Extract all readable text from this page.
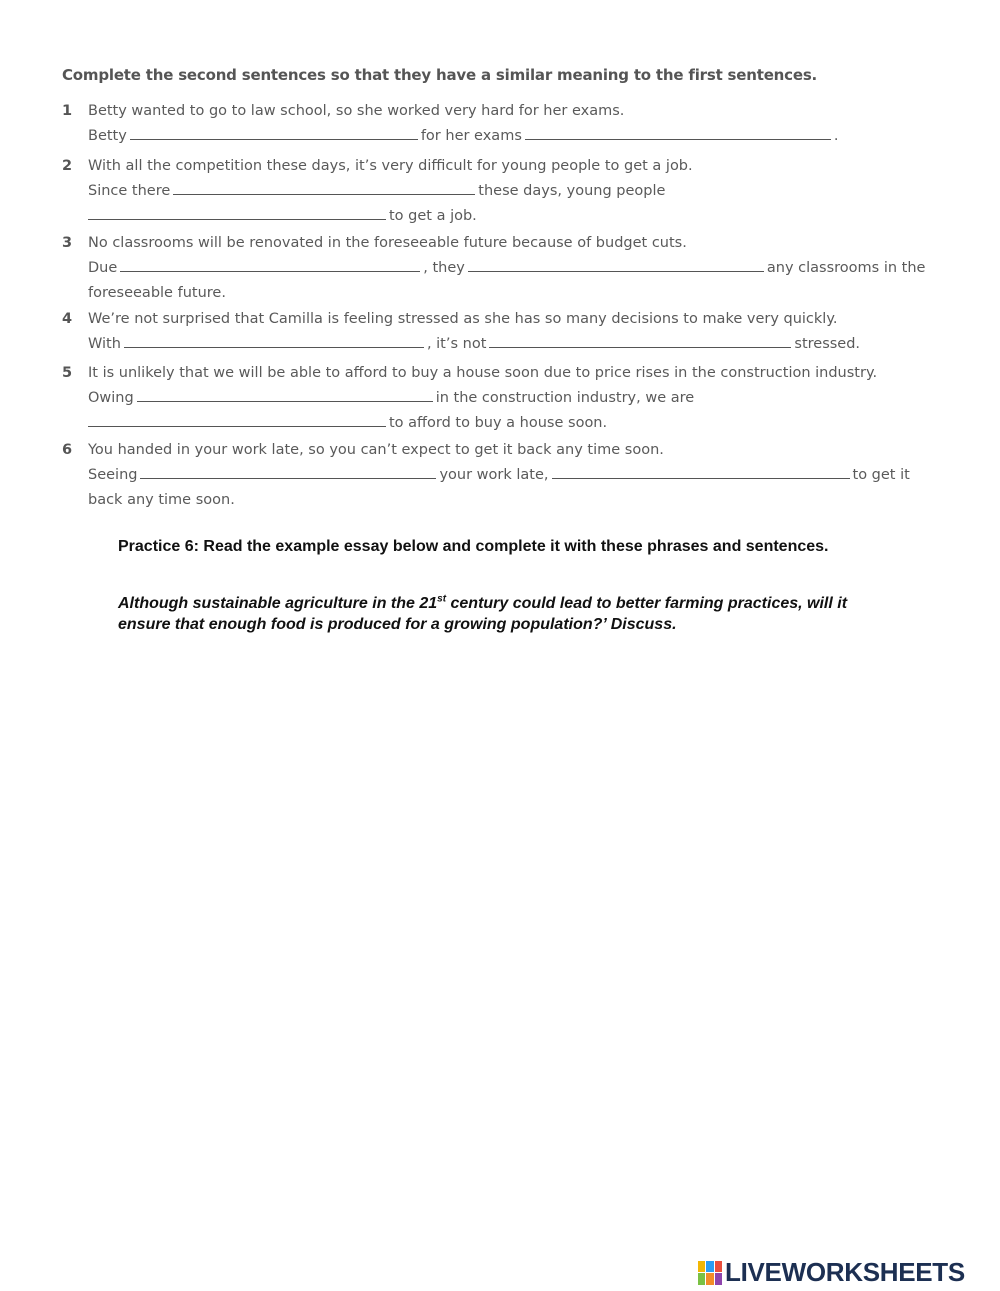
Complete the second sentences so that they have a similar meaning to the first sentences.
1	Betty wanted to go to law school, so she worked very hard for her exams.
Betty	for her exams	.
2	With all the competition these days, it’s very difficult for young people to get a job.
Since there	these days, young people
to get a job.
3	No classrooms will be renovated in the foreseeable future because of budget cuts.
Due	, they	any classrooms in the
foreseeable future.
4	We’re not surprised that Camilla is feeling stressed as she has so many decisions to make very quickly.
With	, it’s not	stressed.
5	It is unlikely that we will be able to afford to buy a house soon due to price rises in the construction industry.
Owing	in the construction industry, we are
to afford to buy a house soon.
6	You handed in your work late, so you can’t expect to get it back any time soon.
Seeing	your work late,	to get it
back any time soon.
Practice 6: Read the example essay below and complete it with these phrases and sentences.
Although sustainable agriculture in the 21st century could lead to better farming practices, will it ensure that enough food is produced for a growing population?’ Discuss.
LIVEWORKSHEETS
